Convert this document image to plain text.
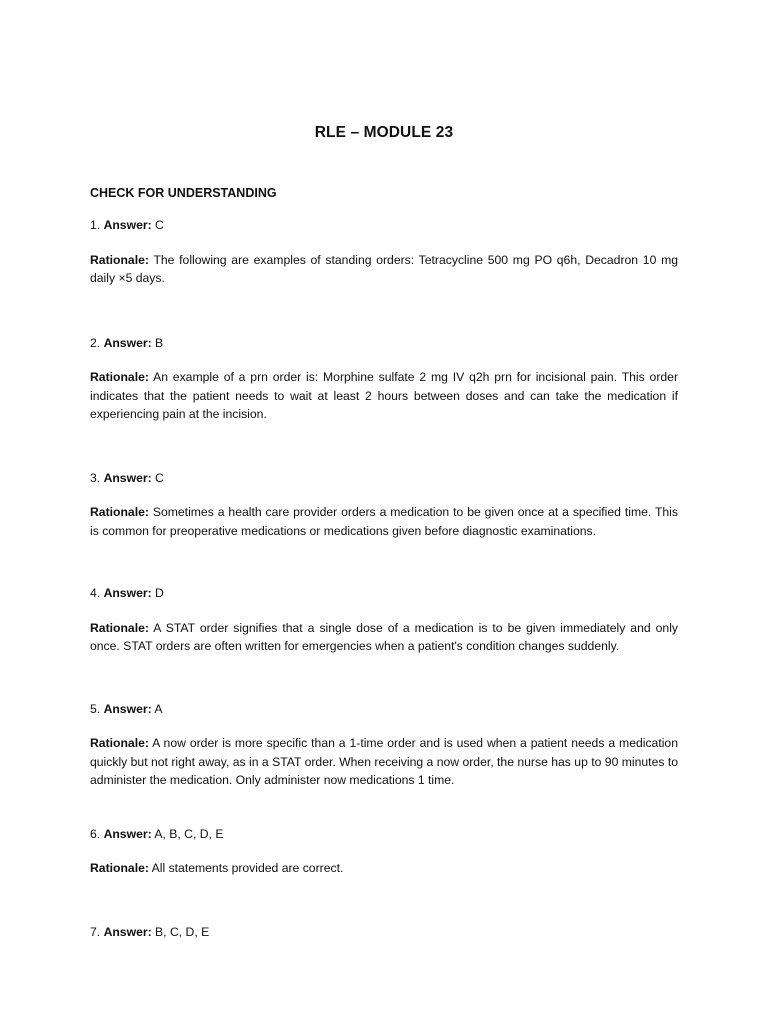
RLE – MODULE 23
CHECK FOR UNDERSTANDING

1. Answer: C

Rationale: The following are examples of standing orders: Tetracycline 500 mg PO q6h, Decadron 10 mg daily ×5 days.

2. Answer: B

Rationale: An example of a prn order is: Morphine sulfate 2 mg IV q2h prn for incisional pain. This order indicates that the patient needs to wait at least 2 hours between doses and can take the medication if experiencing pain at the incision.

3. Answer: C

Rationale: Sometimes a health care provider orders a medication to be given once at a specified time. This is common for preoperative medications or medications given before diagnostic examinations.

4. Answer: D

Rationale: A STAT order signifies that a single dose of a medication is to be given immediately and only once. STAT orders are often written for emergencies when a patient's condition changes suddenly.

5. Answer: A

Rationale: A now order is more specific than a 1-time order and is used when a patient needs a medication quickly but not right away, as in a STAT order. When receiving a now order, the nurse has up to 90 minutes to administer the medication. Only administer now medications 1 time.

6. Answer: A, B, C, D, E

Rationale: All statements provided are correct.

7. Answer: B, C, D, E
